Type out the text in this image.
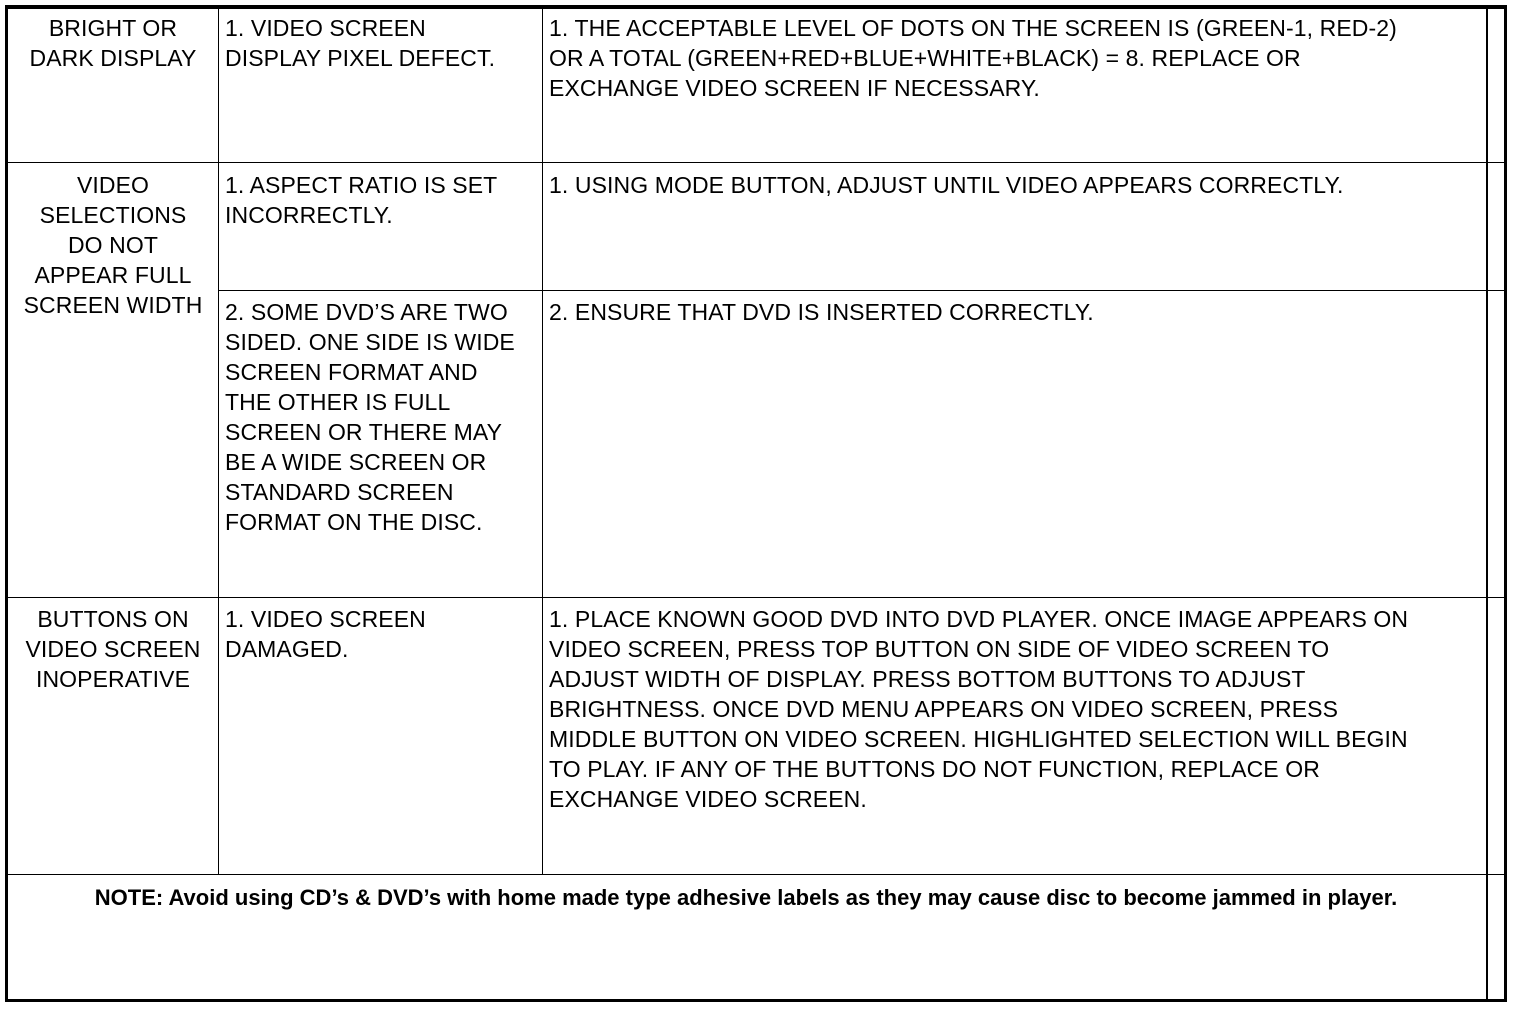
BRIGHT OR
DARK DISPLAY
1. VIDEO SCREEN
DISPLAY PIXEL DEFECT.
1. THE ACCEPTABLE LEVEL OF DOTS ON THE SCREEN IS (GREEN-1, RED-2)
OR A TOTAL (GREEN+RED+BLUE+WHITE+BLACK) = 8. REPLACE OR
EXCHANGE VIDEO SCREEN IF NECESSARY.
VIDEO
SELECTIONS
DO NOT
APPEAR FULL
SCREEN WIDTH
1. ASPECT RATIO IS SET
INCORRECTLY.
1. USING MODE BUTTON, ADJUST UNTIL VIDEO APPEARS CORRECTLY.
2. SOME DVD’S ARE TWO
SIDED. ONE SIDE IS WIDE
SCREEN FORMAT AND
THE OTHER IS FULL
SCREEN OR THERE MAY
BE A WIDE SCREEN OR
STANDARD SCREEN
FORMAT ON THE DISC.
2. ENSURE THAT DVD IS INSERTED CORRECTLY.
BUTTONS ON
VIDEO SCREEN
INOPERATIVE
1. VIDEO SCREEN
DAMAGED.
1. PLACE KNOWN GOOD DVD INTO DVD PLAYER. ONCE IMAGE APPEARS ON
VIDEO SCREEN, PRESS TOP BUTTON ON SIDE OF VIDEO SCREEN TO
ADJUST WIDTH OF DISPLAY. PRESS BOTTOM BUTTONS TO ADJUST
BRIGHTNESS. ONCE DVD MENU APPEARS ON VIDEO SCREEN, PRESS
MIDDLE BUTTON ON VIDEO SCREEN. HIGHLIGHTED SELECTION WILL BEGIN
TO PLAY. IF ANY OF THE BUTTONS DO NOT FUNCTION, REPLACE OR
EXCHANGE VIDEO SCREEN.
NOTE: Avoid using CD’s & DVD’s with home made type adhesive labels as they may cause disc to become jammed in player.
